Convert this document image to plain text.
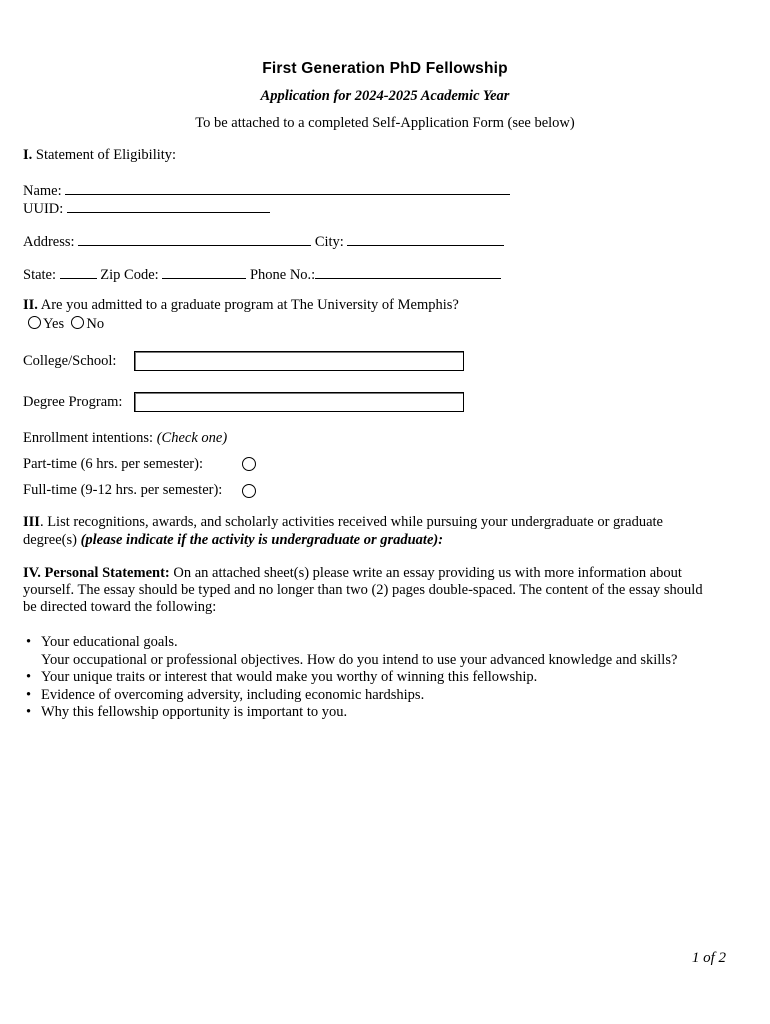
First Generation PhD Fellowship
Application for 2024-2025 Academic Year
To be attached to a completed Self-Application Form (see below)
I. Statement of Eligibility:
Name:
UUID:
Address:	City:
State:	Zip Code:	Phone No.:
II. Are you admitted to a graduate program at The University of Memphis?
Yes No
College/School:
Degree Program:
Enrollment intentions: (Check one)
Part-time (6 hrs. per semester):
Full-time (9-12 hrs. per semester):
III. List recognitions, awards, and scholarly activities received while pursuing your undergraduate or graduate
degree(s) (please indicate if the activity is undergraduate or graduate):
IV. Personal Statement: On an attached sheet(s) please write an essay providing us with more information about
yourself. The essay should be typed and no longer than two (2) pages double-spaced. The content of the essay should
be directed toward the following:
• Your educational goals.
Your occupational or professional objectives. How do you intend to use your advanced knowledge and skills?
• Your unique traits or interest that would make you worthy of winning this fellowship.
• Evidence of overcoming adversity, including economic hardships.
• Why this fellowship opportunity is important to you.
1 of 2
